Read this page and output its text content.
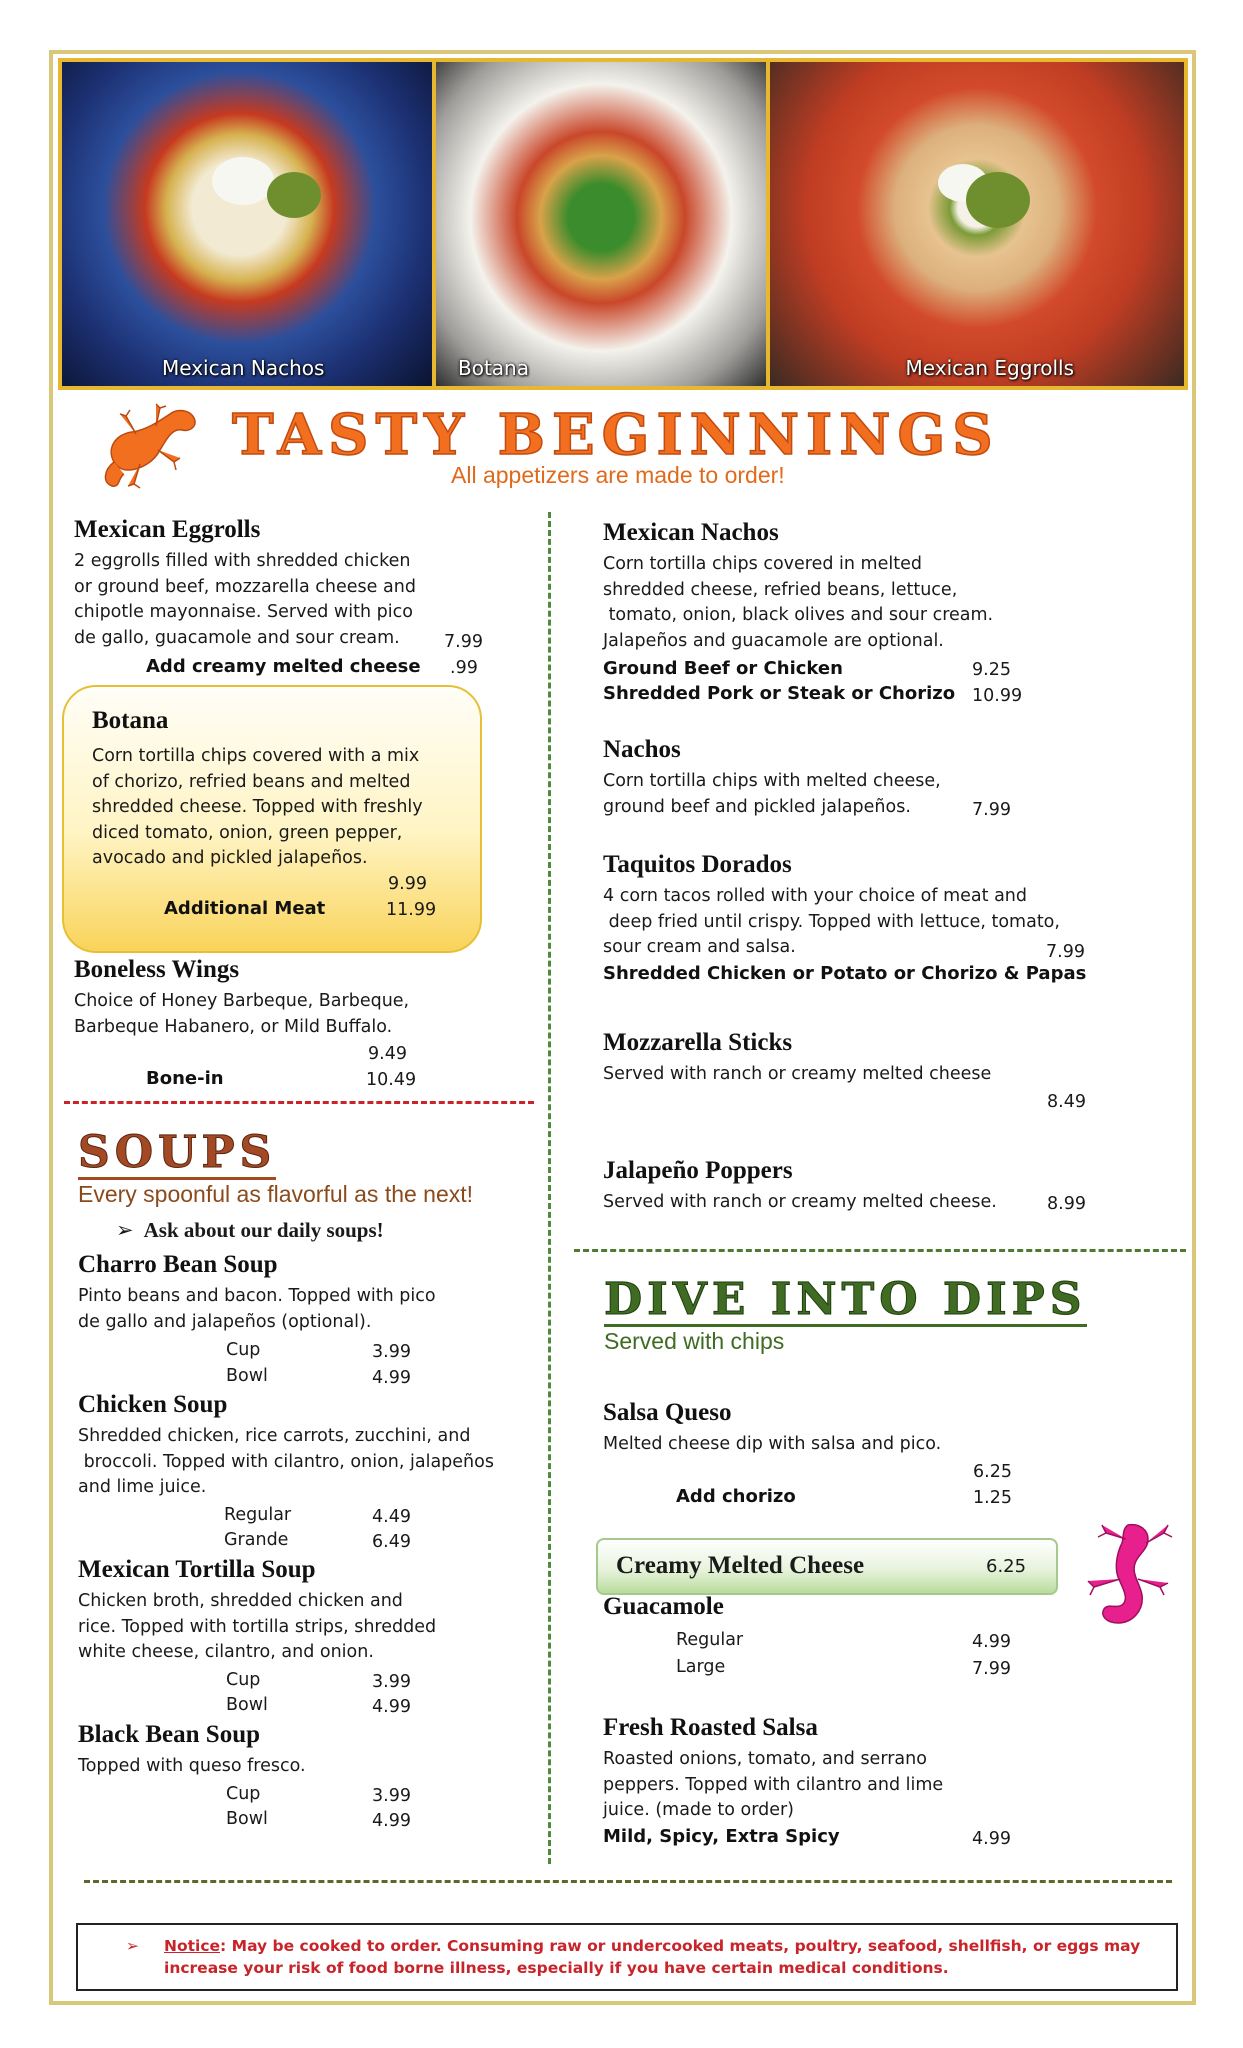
Mexican Nachos	Botana	Mexican Eggrolls
TASTY BEGINNINGS
All appetizers are made to order!
Mexican Eggrolls
2 eggrolls filled with shredded chicken
or ground beef, mozzarella cheese and
chipotle mayonnaise. Served with pico
de gallo, guacamole and sour cream.	7.99
Add creamy melted cheese .99
Botana
Corn tortilla chips covered with a mix
of chorizo, refried beans and melted
shredded cheese. Topped with freshly
diced tomato, onion, green pepper,
avocado and pickled jalapeños.
9.99
Additional Meat	11.99
Boneless Wings
Choice of Honey Barbeque, Barbeque,
Barbeque Habanero, or Mild Buffalo.
9.49
Bone-in	10.49
SOUPS
Every spoonful as flavorful as the next!
➢ Ask about our daily soups!
Charro Bean Soup
Pinto beans and bacon. Topped with pico
de gallo and jalapeños (optional).
Cup	3.99
Bowl	4.99
Chicken Soup
Shredded chicken, rice carrots, zucchini, and
broccoli. Topped with cilantro, onion, jalapeños
and lime juice.
Regular	4.49
Grande	6.49
Mexican Tortilla Soup
Chicken broth, shredded chicken and
rice. Topped with tortilla strips, shredded
white cheese, cilantro, and onion.
Cup	3.99
Bowl	4.99
Black Bean Soup
Topped with queso fresco.
Cup	3.99
Bowl	4.99
Mexican Nachos
Corn tortilla chips covered in melted
shredded cheese, refried beans, lettuce,
tomato, onion, black olives and sour cream.
Jalapeños and guacamole are optional.
Ground Beef or Chicken	9.25
Shredded Pork or Steak or Chorizo 10.99
Nachos
Corn tortilla chips with melted cheese,
ground beef and pickled jalapeños.	7.99
Taquitos Dorados
4 corn tacos rolled with your choice of meat and
deep fried until crispy. Topped with lettuce, tomato,
sour cream and salsa.	7.99
Shredded Chicken or Potato or Chorizo & Papas
Mozzarella Sticks
Served with ranch or creamy melted cheese
8.49
Jalapeño Poppers
Served with ranch or creamy melted cheese.	8.99
DIVE INTO DIPS
Served with chips
Salsa Queso
Melted cheese dip with salsa and pico.
6.25
Add chorizo	1.25
Creamy Melted Cheese	6.25
Guacamole
Regular	4.99
Large	7.99
Fresh Roasted Salsa
Roasted onions, tomato, and serrano
peppers. Topped with cilantro and lime
juice. (made to order)
Mild, Spicy, Extra Spicy	4.99
➢ Notice: May be cooked to order. Consuming raw or undercooked meats, poultry, seafood, shellfish, or eggs may increase your risk of food borne illness, especially if you have certain medical conditions.
